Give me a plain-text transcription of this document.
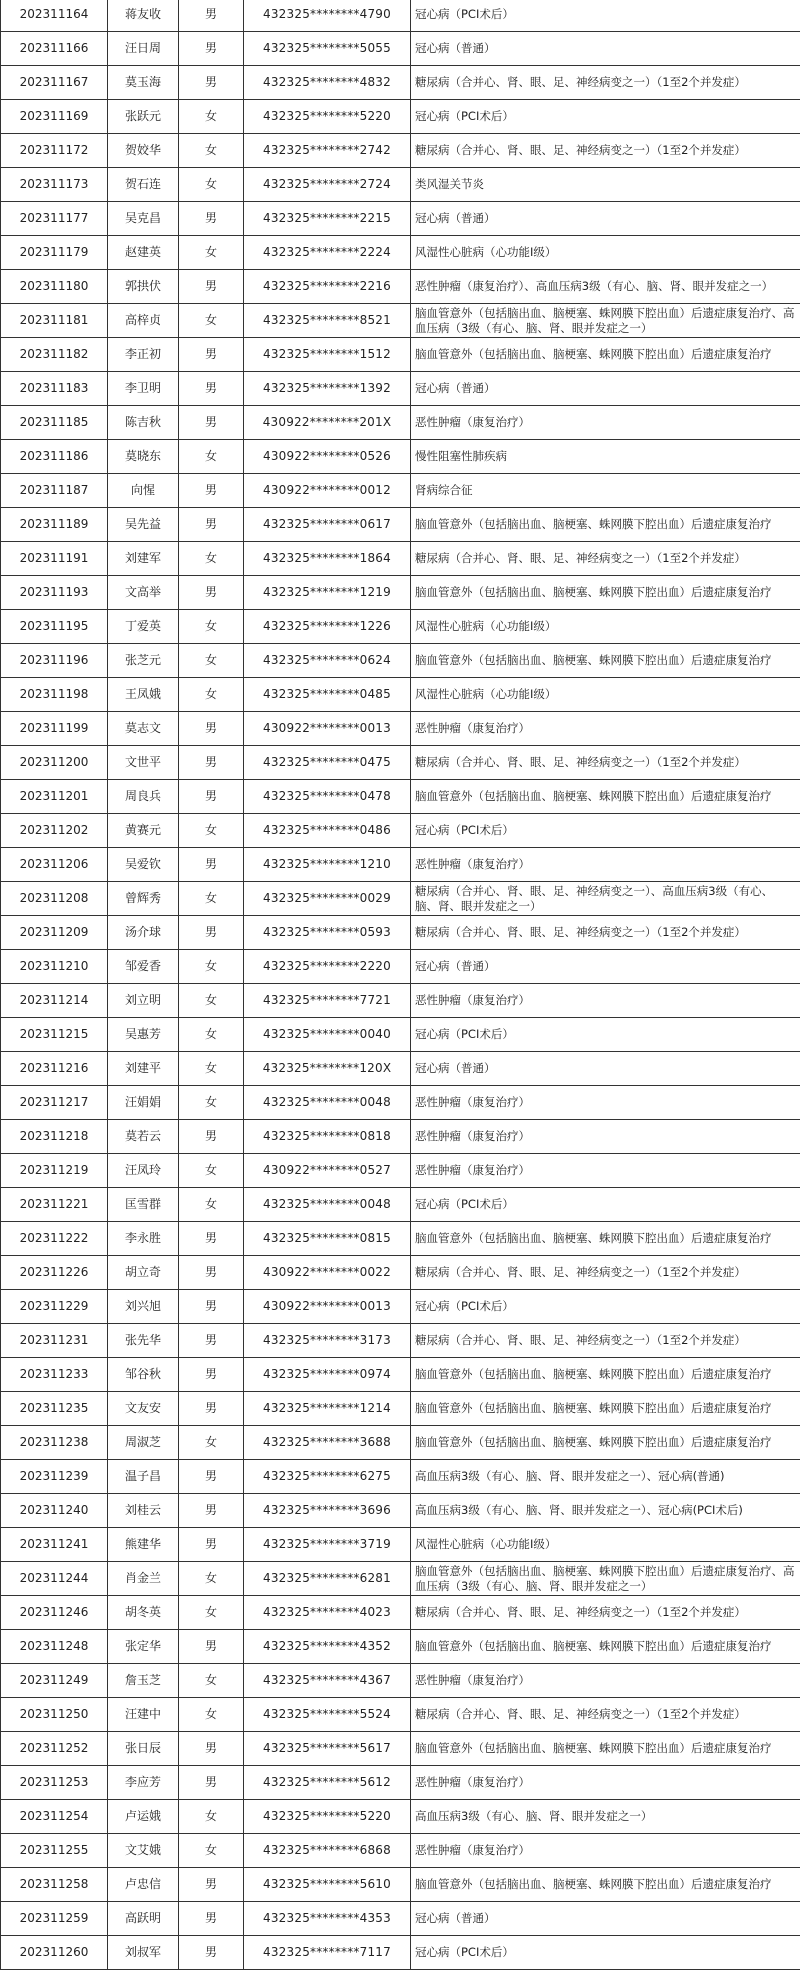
202311164	蒋友收	男	432325********4790	冠心病（PCI术后）
202311166	汪日周	男	432325********5055	冠心病（普通）
202311167	莫玉海	男	432325********4832	糖尿病（合并心、肾、眼、足、神经病变之一）（1至2个并发症）
202311169	张跃元	女	432325********5220	冠心病（PCI术后）
202311172	贺姣华	女	432325********2742	糖尿病（合并心、肾、眼、足、神经病变之一）（1至2个并发症）
202311173	贺石连	女	432325********2724	类风湿关节炎
202311177	吴克昌	男	432325********2215	冠心病（普通）
202311179	赵建英	女	432325********2224	风湿性心脏病（心功能Ⅰ级）
202311180	郭拱伏	男	432325********2216	恶性肿瘤（康复治疗）、高血压病3级（有心、脑、肾、眼并发症之一）
202311181	高梓贞	女	432325********8521	脑血管意外（包括脑出血、脑梗塞、蛛网膜下腔出血）后遗症康复治疗、高血压病（3级（有心、脑、肾、眼并发症之一）
202311182	李正初	男	432325********1512	脑血管意外（包括脑出血、脑梗塞、蛛网膜下腔出血）后遗症康复治疗
202311183	李卫明	男	432325********1392	冠心病（普通）
202311185	陈吉秋	男	430922********201X	恶性肿瘤（康复治疗）
202311186	莫晓东	女	430922********0526	慢性阻塞性肺疾病
202311187	向惺	男	430922********0012	肾病综合征
202311189	吴先益	男	432325********0617	脑血管意外（包括脑出血、脑梗塞、蛛网膜下腔出血）后遗症康复治疗
202311191	刘建军	女	432325********1864	糖尿病（合并心、肾、眼、足、神经病变之一）（1至2个并发症）
202311193	文高举	男	432325********1219	脑血管意外（包括脑出血、脑梗塞、蛛网膜下腔出血）后遗症康复治疗
202311195	丁爱英	女	432325********1226	风湿性心脏病（心功能Ⅰ级）
202311196	张芝元	女	432325********0624	脑血管意外（包括脑出血、脑梗塞、蛛网膜下腔出血）后遗症康复治疗
202311198	王凤娥	女	432325********0485	风湿性心脏病（心功能Ⅰ级）
202311199	莫志文	男	430922********0013	恶性肿瘤（康复治疗）
202311200	文世平	男	432325********0475	糖尿病（合并心、肾、眼、足、神经病变之一）（1至2个并发症）
202311201	周良兵	男	432325********0478	脑血管意外（包括脑出血、脑梗塞、蛛网膜下腔出血）后遗症康复治疗
202311202	黄赛元	女	432325********0486	冠心病（PCI术后）
202311206	吴爱钦	男	432325********1210	恶性肿瘤（康复治疗）
202311208	曾辉秀	女	432325********0029	糖尿病（合并心、肾、眼、足、神经病变之一）、高血压病3级（有心、脑、肾、眼并发症之一）
202311209	汤介球	男	432325********0593	糖尿病（合并心、肾、眼、足、神经病变之一）（1至2个并发症）
202311210	邹爱香	女	432325********2220	冠心病（普通）
202311214	刘立明	女	432325********7721	恶性肿瘤（康复治疗）
202311215	吴惠芳	女	432325********0040	冠心病（PCI术后）
202311216	刘建平	女	432325********120X	冠心病（普通）
202311217	汪娟娟	女	432325********0048	恶性肿瘤（康复治疗）
202311218	莫若云	男	432325********0818	恶性肿瘤（康复治疗）
202311219	汪凤玲	女	430922********0527	恶性肿瘤（康复治疗）
202311221	匡雪群	女	432325********0048	冠心病（PCI术后）
202311222	李永胜	男	432325********0815	脑血管意外（包括脑出血、脑梗塞、蛛网膜下腔出血）后遗症康复治疗
202311226	胡立奇	男	430922********0022	糖尿病（合并心、肾、眼、足、神经病变之一）（1至2个并发症）
202311229	刘兴旭	男	430922********0013	冠心病（PCI术后）
202311231	张先华	男	432325********3173	糖尿病（合并心、肾、眼、足、神经病变之一）（1至2个并发症）
202311233	邹谷秋	男	432325********0974	脑血管意外（包括脑出血、脑梗塞、蛛网膜下腔出血）后遗症康复治疗
202311235	文友安	男	432325********1214	脑血管意外（包括脑出血、脑梗塞、蛛网膜下腔出血）后遗症康复治疗
202311238	周淑芝	女	432325********3688	脑血管意外（包括脑出血、脑梗塞、蛛网膜下腔出血）后遗症康复治疗
202311239	温子昌	男	432325********6275	高血压病3级（有心、脑、肾、眼并发症之一）、冠心病(普通)
202311240	刘桂云	男	432325********3696	高血压病3级（有心、脑、肾、眼并发症之一）、冠心病(PCI术后)
202311241	熊建华	男	432325********3719	风湿性心脏病（心功能Ⅰ级）
202311244	肖金兰	女	432325********6281	脑血管意外（包括脑出血、脑梗塞、蛛网膜下腔出血）后遗症康复治疗、高血压病（3级（有心、脑、肾、眼并发症之一）
202311246	胡冬英	女	432325********4023	糖尿病（合并心、肾、眼、足、神经病变之一）（1至2个并发症）
202311248	张定华	男	432325********4352	脑血管意外（包括脑出血、脑梗塞、蛛网膜下腔出血）后遗症康复治疗
202311249	詹玉芝	女	432325********4367	恶性肿瘤（康复治疗）
202311250	汪建中	女	432325********5524	糖尿病（合并心、肾、眼、足、神经病变之一）（1至2个并发症）
202311252	张日辰	男	432325********5617	脑血管意外（包括脑出血、脑梗塞、蛛网膜下腔出血）后遗症康复治疗
202311253	李应芳	男	432325********5612	恶性肿瘤（康复治疗）
202311254	卢运娥	女	432325********5220	高血压病3级（有心、脑、肾、眼并发症之一）
202311255	文艾娥	女	432325********6868	恶性肿瘤（康复治疗）
202311258	卢忠信	男	432325********5610	脑血管意外（包括脑出血、脑梗塞、蛛网膜下腔出血）后遗症康复治疗
202311259	高跃明	男	432325********4353	冠心病（普通）
202311260	刘叔军	男	432325********7117	冠心病（PCI术后）
